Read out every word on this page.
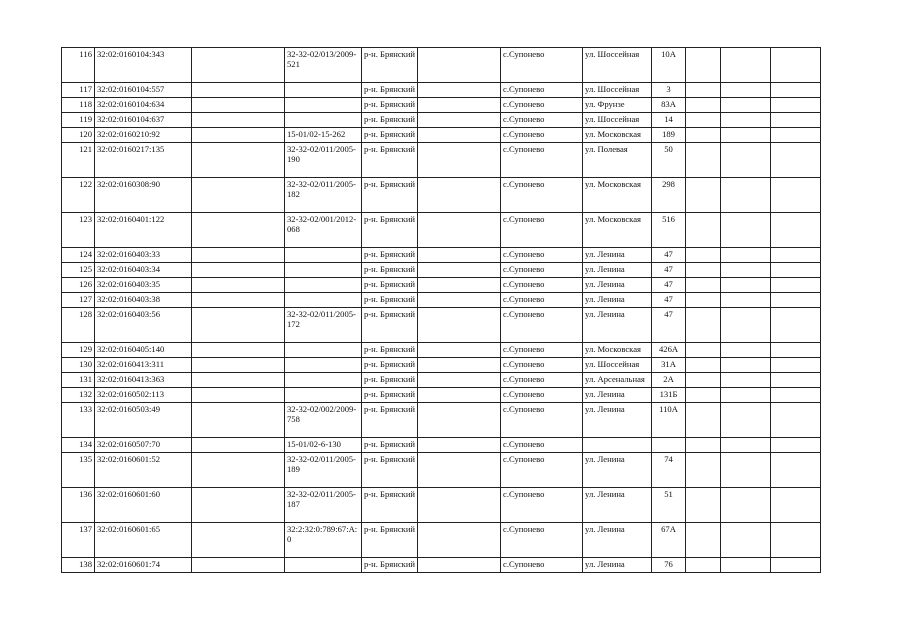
116	32:02:0160104:343		32-32-02/013/2009-521	р-н. Брянский		с.Супонево	ул. Шоссейная	10А			
117	32:02:0160104:557			р-н. Брянский		с.Супонево	ул. Шоссейная	3			
118	32:02:0160104:634			р-н. Брянский		с.Супонево	ул. Фрунзе	83А			
119	32:02:0160104:637			р-н. Брянский		с.Супонево	ул. Шоссейная	14			
120	32:02:0160210:92		15-01/02-15-262	р-н. Брянский		с.Супонево	ул. Московская	189			
121	32:02:0160217:135		32-32-02/011/2005-190	р-н. Брянский		с.Супонево	ул. Полевая	50			
122	32:02:0160308:90		32-32-02/011/2005-182	р-н. Брянский		с.Супонево	ул. Московская	298			
123	32:02:0160401:122		32-32-02/001/2012-068	р-н. Брянский		с.Супонево	ул. Московская	516			
124	32:02:0160403:33			р-н. Брянский		с.Супонево	ул. Ленина	47			
125	32:02:0160403:34			р-н. Брянский		с.Супонево	ул. Ленина	47			
126	32:02:0160403:35			р-н. Брянский		с.Супонево	ул. Ленина	47			
127	32:02:0160403:38			р-н. Брянский		с.Супонево	ул. Ленина	47			
128	32:02:0160403:56		32-32-02/011/2005-172	р-н. Брянский		с.Супонево	ул. Ленина	47			
129	32:02:0160405:140			р-н. Брянский		с.Супонево	ул. Московская	426А			
130	32:02:0160413:311			р-н. Брянский		с.Супонево	ул. Шоссейная	31А			
131	32:02:0160413:363			р-н. Брянский		с.Супонево	ул. Арсенальная	2А			
132	32:02:0160502:113			р-н. Брянский		с.Супонево	ул. Ленина	131Б			
133	32:02:0160503:49		32-32-02/002/2009-758	р-н. Брянский		с.Супонево	ул. Ленина	110А			
134	32:02:0160507:70		15-01/02-6-130	р-н. Брянский		с.Супонево					
135	32:02:0160601:52		32-32-02/011/2005-189	р-н. Брянский		с.Супонево	ул. Ленина	74			
136	32:02:0160601:60		32-32-02/011/2005-187	р-н. Брянский		с.Супонево	ул. Ленина	51			
137	32:02:0160601:65		32:2:32:0:789:67:А:0	р-н. Брянский		с.Супонево	ул. Ленина	67А			
138	32:02:0160601:74			р-н. Брянский		с.Супонево	ул. Ленина	76			
